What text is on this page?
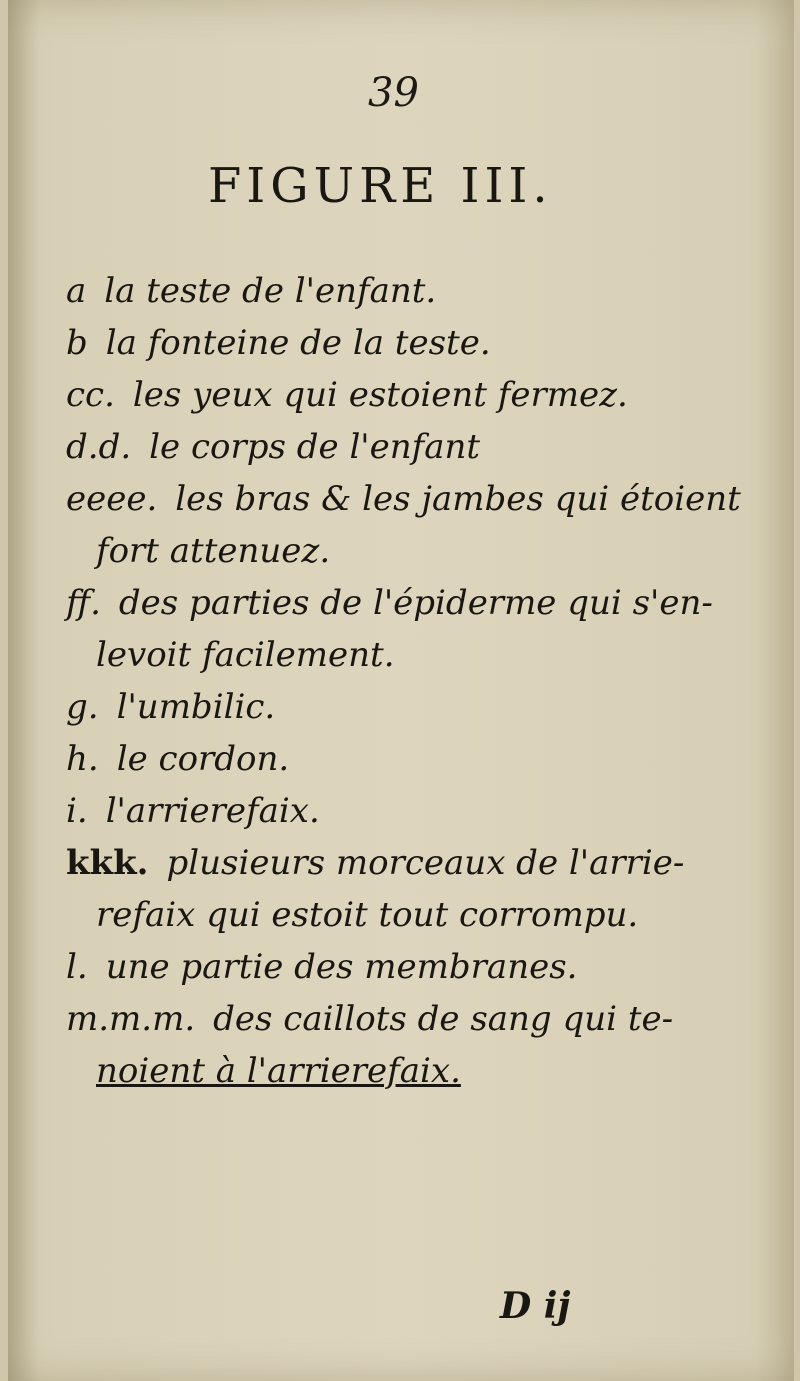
39
FIGURE III.
a la teste de l'enfant.
b la fonteine de la teste.
cc. les yeux qui estoient fermez.
d.d. le corps de l'enfant
eeee. les bras & les jambes qui étoient
fort attenuez.
ff. des parties de l'épiderme qui s'en-
levoit facilement.
g. l'umbilic.
h. le cordon.
i. l'arrierefaix.
kkk. plusieurs morceaux de l'arrie-
refaix qui estoit tout corrompu.
l. une partie des membranes.
m.m.m. des caillots de sang qui te-
noient à l'arrierefaix.
D ij
